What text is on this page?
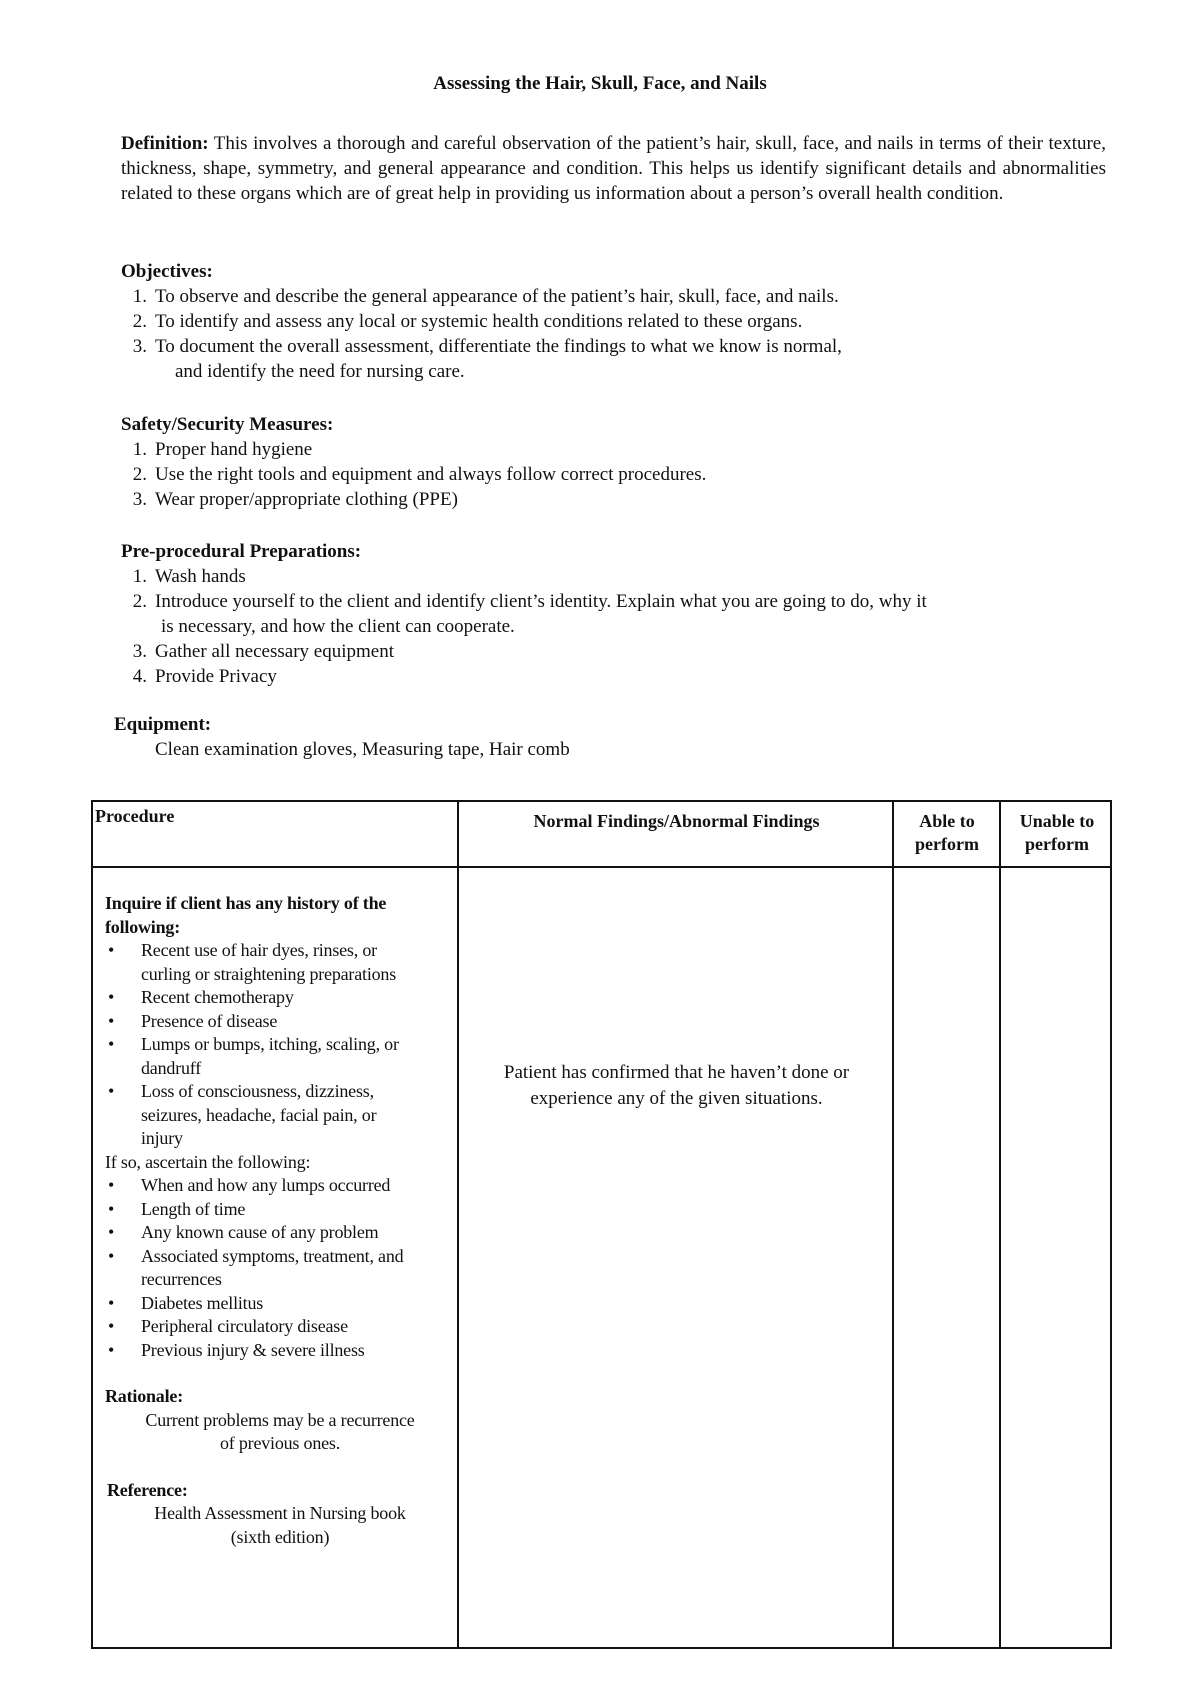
Assessing the Hair, Skull, Face, and Nails
Definition: This involves a thorough and careful observation of the patient’s hair, skull, face, and nails in terms of their texture, thickness, shape, symmetry, and general appearance and condition. This helps us identify significant details and abnormalities related to these organs which are of great help in providing us information about a person’s overall health condition.
Objectives:
1. To observe and describe the general appearance of the patient’s hair, skull, face, and nails.
2. To identify and assess any local or systemic health conditions related to these organs.
3. To document the overall assessment, differentiate the findings to what we know is normal,
and identify the need for nursing care.
Safety/Security Measures:
1. Proper hand hygiene
2. Use the right tools and equipment and always follow correct procedures.
3. Wear proper/appropriate clothing (PPE)
Pre-procedural Preparations:
1. Wash hands
2. Introduce yourself to the client and identify client’s identity. Explain what you are going to do, why it
is necessary, and how the client can cooperate.
3. Gather all necessary equipment
4. Provide Privacy
Equipment:
Clean examination gloves, Measuring tape, Hair comb
Procedure	Normal Findings/Abnormal Findings	Able to
perform
Unable to
perform
Inquire if client has any history of the
following:
• Recent use of hair dyes, rinses, or
curling or straightening preparations
• Recent chemotherapy
• Presence of disease
• Lumps or bumps, itching, scaling, or
dandruff
• Loss of consciousness, dizziness,
seizures, headache, facial pain, or
injury
If so, ascertain the following:
• When and how any lumps occurred
• Length of time
• Any known cause of any problem
• Associated symptoms, treatment, and
recurrences
• Diabetes mellitus
• Peripheral circulatory disease
• Previous injury & severe illness
Rationale:
Current problems may be a recurrence
of previous ones.
Reference:
Health Assessment in Nursing book
(sixth edition)
Patient has confirmed that he haven’t done or
experience any of the given situations.
